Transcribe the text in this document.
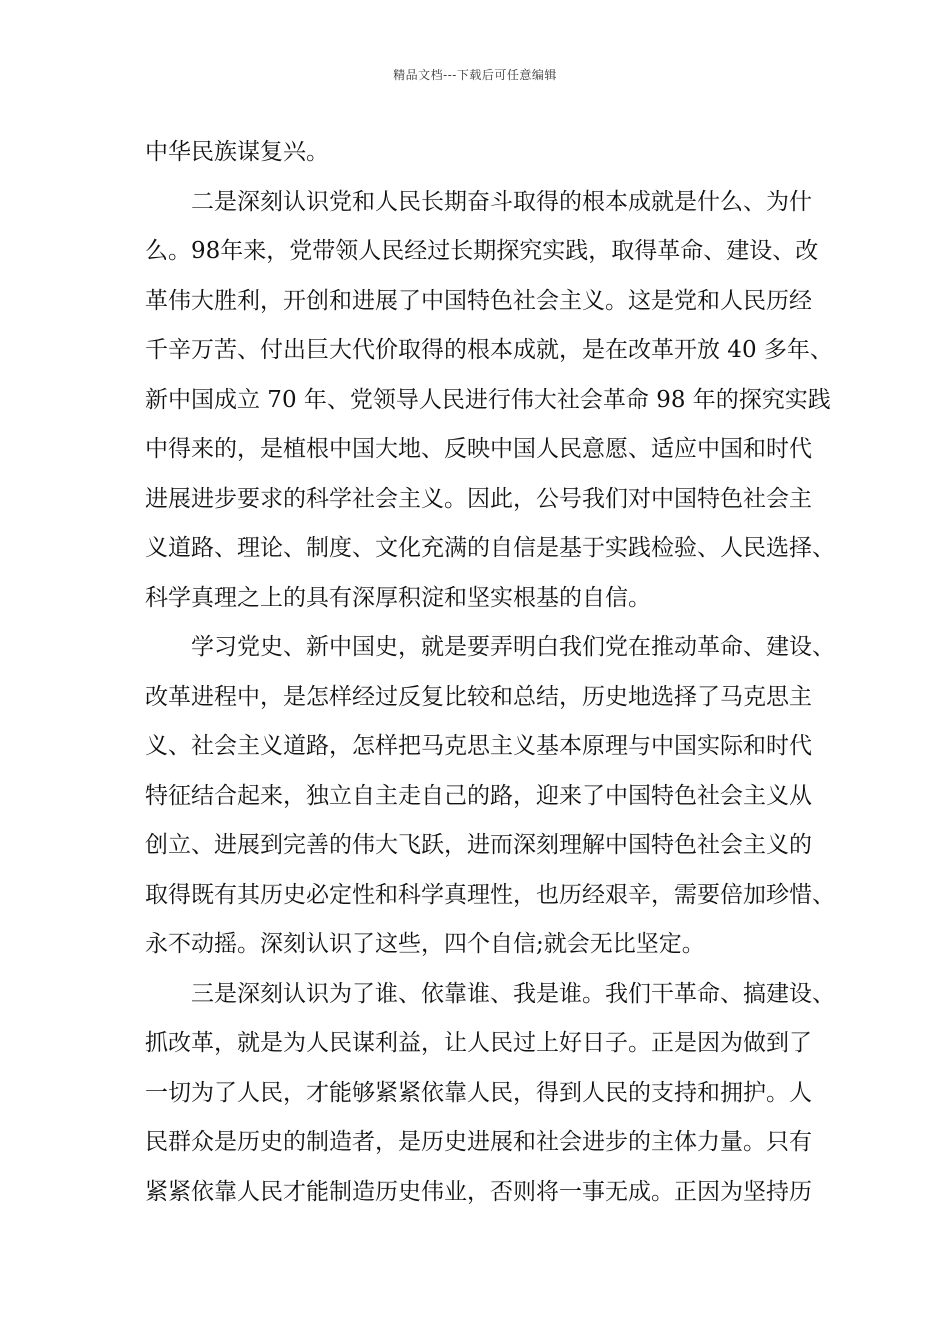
精品文档---下载后可任意编辑
中华民族谋复兴。
二是深刻认识党和人民长期奋斗取得的根本成就是什么、为什
么。98年来，党带领人民经过长期探究实践，取得革命、建设、改
革伟大胜利，开创和进展了中国特色社会主义。这是党和人民历经
千辛万苦、付出巨大代价取得的根本成就，是在改革开放 40 多年、
新中国成立 70 年、党领导人民进行伟大社会革命 98 年的探究实践
中得来的，是植根中国大地、反映中国人民意愿、适应中国和时代
进展进步要求的科学社会主义。因此，公号我们对中国特色社会主
义道路、理论、制度、文化充满的自信是基于实践检验、人民选择、
科学真理之上的具有深厚积淀和坚实根基的自信。
学习党史、新中国史，就是要弄明白我们党在推动革命、建设、
改革进程中，是怎样经过反复比较和总结，历史地选择了马克思主
义、社会主义道路，怎样把马克思主义基本原理与中国实际和时代
特征结合起来，独立自主走自己的路，迎来了中国特色社会主义从
创立、进展到完善的伟大飞跃，进而深刻理解中国特色社会主义的
取得既有其历史必定性和科学真理性，也历经艰辛，需要倍加珍惜、
永不动摇。深刻认识了这些，四个自信;就会无比坚定。
三是深刻认识为了谁、依靠谁、我是谁。我们干革命、搞建设、
抓改革，就是为人民谋利益，让人民过上好日子。正是因为做到了
一切为了人民，才能够紧紧依靠人民，得到人民的支持和拥护。人
民群众是历史的制造者，是历史进展和社会进步的主体力量。只有
紧紧依靠人民才能制造历史伟业，否则将一事无成。正因为坚持历
